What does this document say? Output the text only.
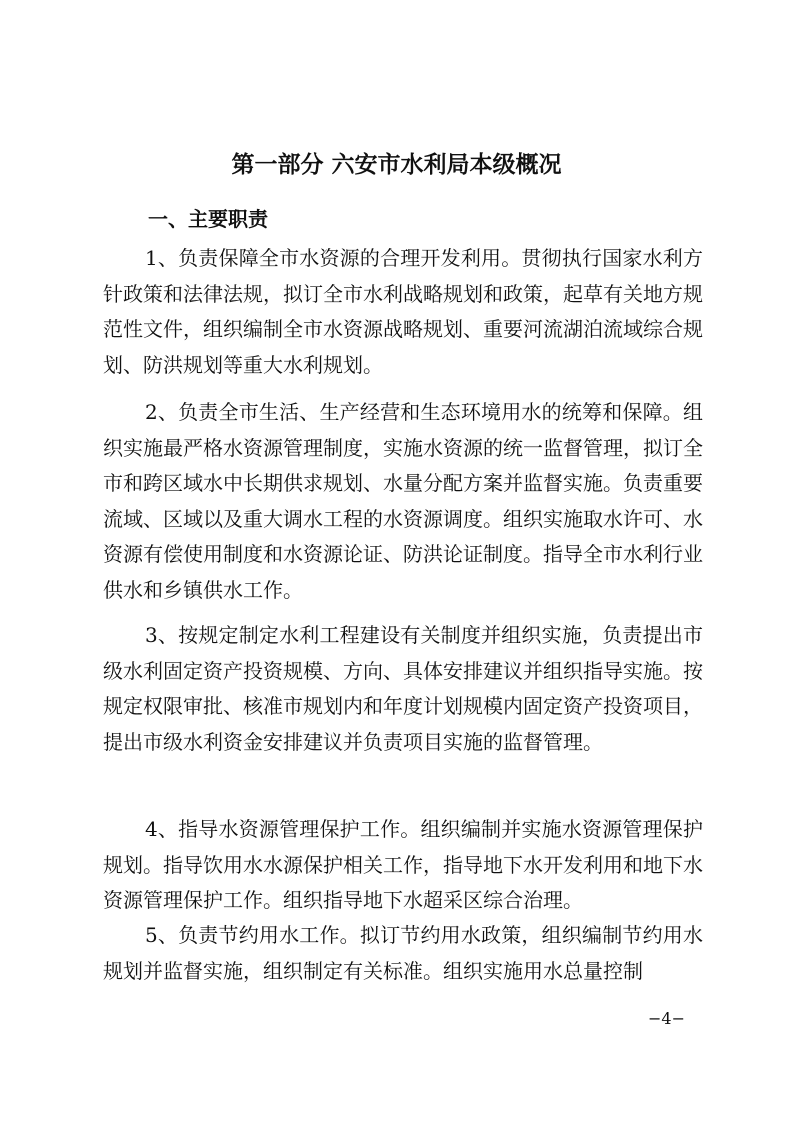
第一部分 六安市水利局本级概况
一、主要职责

1、负责保障全市水资源的合理开发利用。贯彻执行国家水利方针政策和法律法规，拟订全市水利战略规划和政策，起草有关地方规范性文件，组织编制全市水资源战略规划、重要河流湖泊流域综合规划、防洪规划等重大水利规划。

2、负责全市生活、生产经营和生态环境用水的统筹和保障。组织实施最严格水资源管理制度，实施水资源的统一监督管理，拟订全市和跨区域水中长期供求规划、水量分配方案并监督实施。负责重要流域、区域以及重大调水工程的水资源调度。组织实施取水许可、水资源有偿使用制度和水资源论证、防洪论证制度。指导全市水利行业供水和乡镇供水工作。

3、按规定制定水利工程建设有关制度并组织实施，负责提出市级水利固定资产投资规模、方向、具体安排建议并组织指导实施。按规定权限审批、核准市规划内和年度计划规模内固定资产投资项目，提出市级水利资金安排建议并负责项目实施的监督管理。

4、指导水资源管理保护工作。组织编制并实施水资源管理保护规划。指导饮用水水源保护相关工作，指导地下水开发利用和地下水资源管理保护工作。组织指导地下水超采区综合治理。

5、负责节约用水工作。拟订节约用水政策，组织编制节约用水规划并监督实施，组织制定有关标准。组织实施用水总量控制

−4−
